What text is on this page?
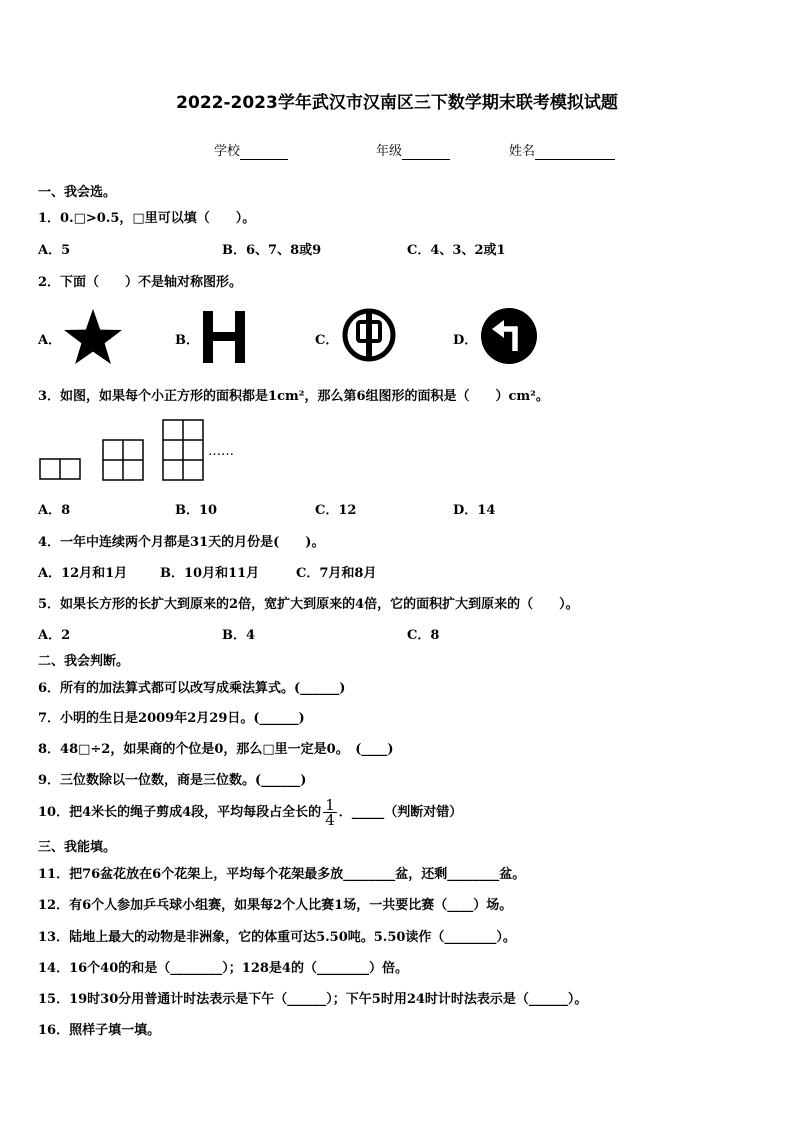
2022-2023学年武汉市汉南区三下数学期末联考模拟试题
学校	年级	姓名
一、我会选。
1．0.□>0.5，□里可以填（　　）。
A．5	B．6、7、8或9	C．4、3、2或1
2．下面（　　）不是轴对称图形。
A．	B．	C．	D．
3．如图，如果每个小正方形的面积都是1cm²，那么第6组图形的面积是（　　）cm²。
……
A．8	B．10	C．12	D．14
4．一年中连续两个月都是31天的月份是(　　)。
A．12月和1月	B．10月和11月	C．7月和8月
5．如果长方形的长扩大到原来的2倍，宽扩大到原来的4倍，它的面积扩大到原来的（　　）。
A．2	B．4	C．8
二、我会判断。
6．所有的加法算式都可以改写成乘法算式。(______)
7．小明的生日是2009年2月29日。(______)
8．48□÷2，如果商的个位是0，那么□里一定是0。　(____)
9．三位数除以一位数，商是三位数。(______)
10．把4米长的绳子剪成4段，平均每段占全长的 $\frac{1}{4}$ ．_____（判断对错）
三、我能填。
11．把76盆花放在6个花架上，平均每个花架最多放________盆，还剩________盆。
12．有6个人参加乒乓球小组赛，如果每2个人比赛1场，一共要比赛（____）场。
13．陆地上最大的动物是非洲象，它的体重可达5.50吨。5.50读作（________）。
14．16个40的和是（________）；128是4的（________）倍。
15．19时30分用普通计时法表示是下午（______）；下午5时用24时计时法表示是（______）。
16．照样子填一填。
